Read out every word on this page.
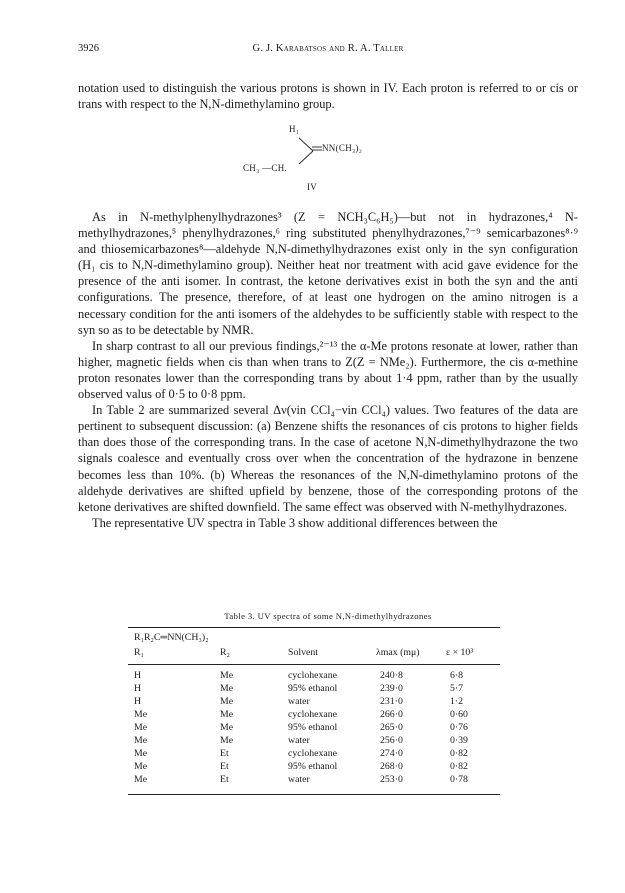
3926	G. J. Karabatsos and R. A. Taller

notation used to distinguish the various protons is shown in IV. Each proton is referred to or cis or trans with respect to the N,N-dimethylamino group.

H₁
NN(CH₃)₂
CH₃ —CH.
IV

As in N-methylphenylhydrazones³ (Z = NCH₃C₆H₅)—but not in hydrazones,⁴ N-methylhydrazones,⁵ phenylhydrazones,⁶ ring substituted phenylhydrazones,⁷⁻⁹ semicarbazones⁸·⁹ and thiosemicarbazones⁸—aldehyde N,N-dimethylhydrazones exist only in the syn configuration (H₁ cis to N,N-dimethylamino group). Neither heat nor treatment with acid gave evidence for the presence of the anti isomer. In contrast, the ketone derivatives exist in both the syn and the anti configurations. The presence, therefore, of at least one hydrogen on the amino nitrogen is a necessary condition for the anti isomers of the aldehydes to be sufficiently stable with respect to the syn so as to be detectable by NMR.

In sharp contrast to all our previous findings,²⁻¹³ the α-Me protons resonate at lower, rather than higher, magnetic fields when cis than when trans to Z(Z = NMe₂). Furthermore, the cis α-methine proton resonates lower than the corresponding trans by about 1·4 ppm, rather than by the usually observed valus of 0·5 to 0·8 ppm.

In Table 2 are summarized several Δν(νin CCl₄−νin CCl₄) values. Two features of the data are pertinent to subsequent discussion: (a) Benzene shifts the resonances of cis protons to higher fields than does those of the corresponding trans. In the case of acetone N,N-dimethylhydrazone the two signals coalesce and eventually cross over when the concentration of the hydrazone in benzene becomes less than 10%. (b) Whereas the resonances of the N,N-dimethylamino protons of the aldehyde derivatives are shifted upfield by benzene, those of the corresponding protons of the ketone derivatives are shifted downfield. The same effect was observed with N-methylhydrazones.

The representative UV spectra in Table 3 show additional differences between the

Table 3. UV spectra of some N,N-dimethylhydrazones
R₁R₂C═NN(CH₃)₂
R₁	R₂	Solvent	λmax (mμ)	ε × 10³
H	Me	cyclohexane	240·8	6·8
H	Me	95% ethanol	239·0	5·7
H	Me	water	231·0	1·2
Me	Me	cyclohexane	266·0	0·60
Me	Me	95% ethanol	265·0	0·76
Me	Me	water	256·0	0·39
Me	Et	cyclohexane	274·0	0·82
Me	Et	95% ethanol	268·0	0·82
Me	Et	water	253·0	0·78
